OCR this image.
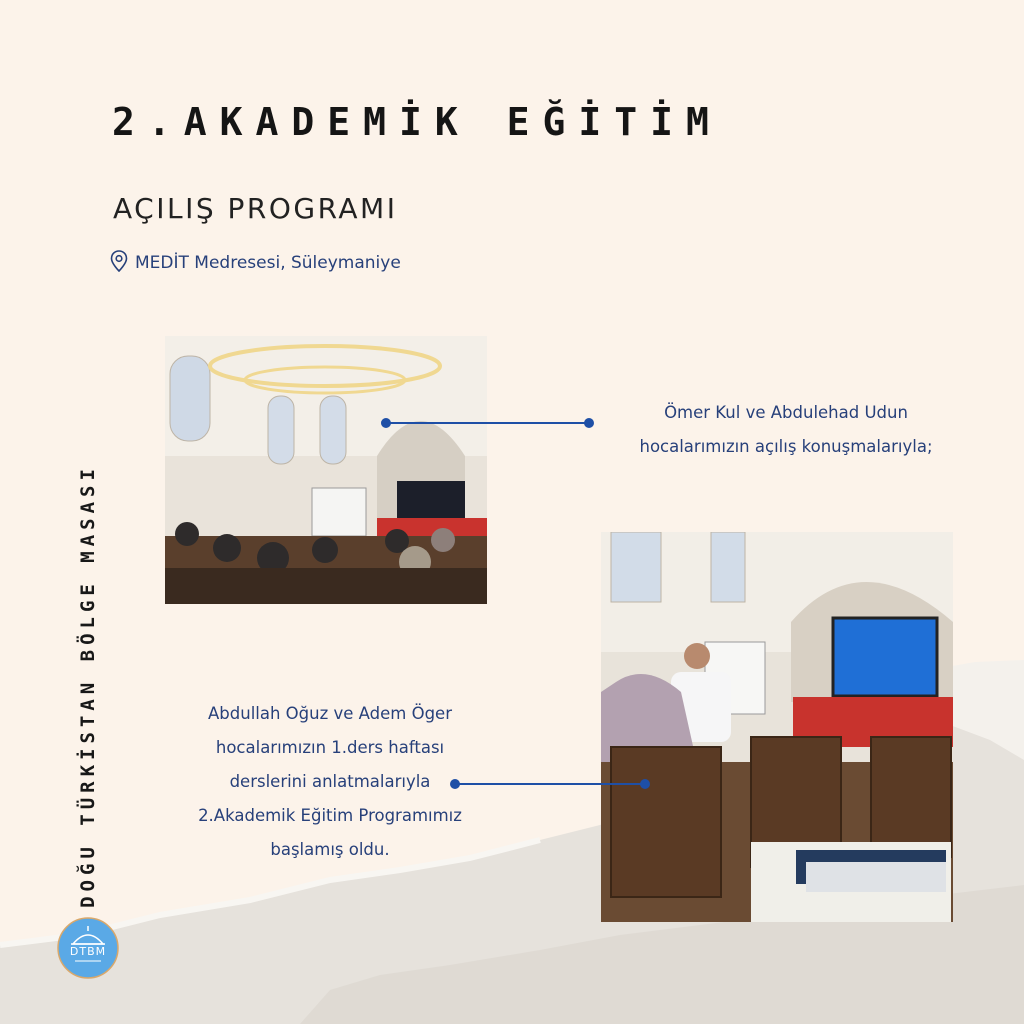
2.AKADEMİK EĞİTİM
AÇILIŞ PROGRAMI
MEDİT Medresesi, Süleymaniye
DOĞU TÜRKİSTAN BÖLGE MASASI
DTBM
Ömer Kul ve Abdulehad Udun
hocalarımızın açılış konuşmalarıyla;
Abdullah Oğuz ve Adem Öger
hocalarımızın 1.ders haftası
derslerini anlatmalarıyla
2.Akademik Eğitim Programımız
başlamış oldu.
